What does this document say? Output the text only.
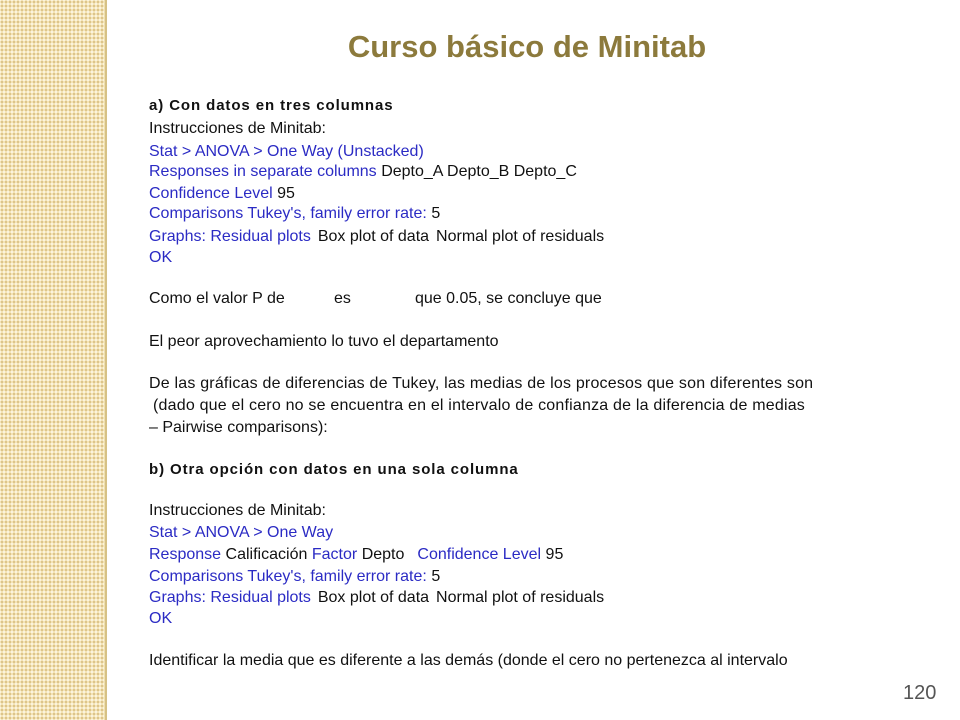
Curso básico de Minitab
a) Con datos en tres columnas
Instrucciones de Minitab:
Stat > ANOVA > One Way (Unstacked)
Responses in separate columns Depto_A Depto_B Depto_C
Confidence Level 95
Comparisons Tukey's, family error rate: 5
Graphs: Residual plots Box plot of data Normal plot of residuals
OK
Como el valor P de	es	que 0.05, se concluye que
El peor aprovechamiento lo tuvo el departamento
De las gráficas de diferencias de Tukey, las medias de los procesos que son diferentes son
(dado que el cero no se encuentra en el intervalo de confianza de la diferencia de medias
– Pairwise comparisons):
b) Otra opción con datos en una sola columna
Instrucciones de Minitab:
Stat > ANOVA > One Way
Response Calificación Factor Depto Confidence Level 95
Comparisons Tukey's, family error rate: 5
Graphs: Residual plots Box plot of data Normal plot of residuals
OK
Identificar la media que es diferente a las demás (donde el cero no pertenezca al intervalo
120
